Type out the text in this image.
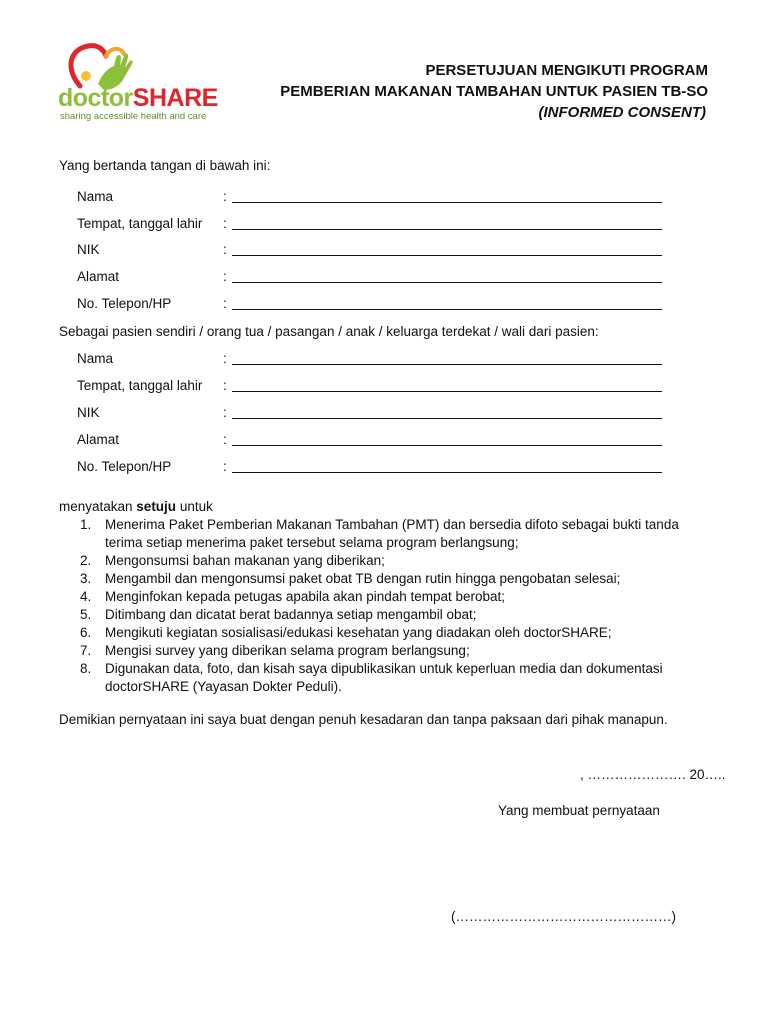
doctorSHARE
sharing accessible health and care
PERSETUJUAN MENGIKUTI PROGRAM
PEMBERIAN MAKANAN TAMBAHAN UNTUK PASIEN TB-SO
(INFORMED CONSENT)
Yang bertanda tangan di bawah ini:
Nama	:
Tempat, tanggal lahir :
NIK	:
Alamat	:
No. Telepon/HP	:
Sebagai pasien sendiri / orang tua / pasangan / anak / keluarga terdekat / wali dari pasien:
Nama	:
Tempat, tanggal lahir :
NIK	:
Alamat	:
No. Telepon/HP	:
menyatakan setuju untuk
1. Menerima Paket Pemberian Makanan Tambahan (PMT) dan bersedia difoto sebagai bukti tanda terima setiap menerima paket tersebut selama program berlangsung;
2. Mengonsumsi bahan makanan yang diberikan;
3. Mengambil dan mengonsumsi paket obat TB dengan rutin hingga pengobatan selesai;
4. Menginfokan kepada petugas apabila akan pindah tempat berobat;
5. Ditimbang dan dicatat berat badannya setiap mengambil obat;
6. Mengikuti kegiatan sosialisasi/edukasi kesehatan yang diadakan oleh doctorSHARE;
7. Mengisi survey yang diberikan selama program berlangsung;
8. Digunakan data, foto, dan kisah saya dipublikasikan untuk keperluan media dan dokumentasi doctorSHARE (Yayasan Dokter Peduli).
Demikian pernyataan ini saya buat dengan penuh kesadaran dan tanpa paksaan dari pihak manapun.
, …………………. 20…..
Yang membuat pernyataan
(…………………………………………)
